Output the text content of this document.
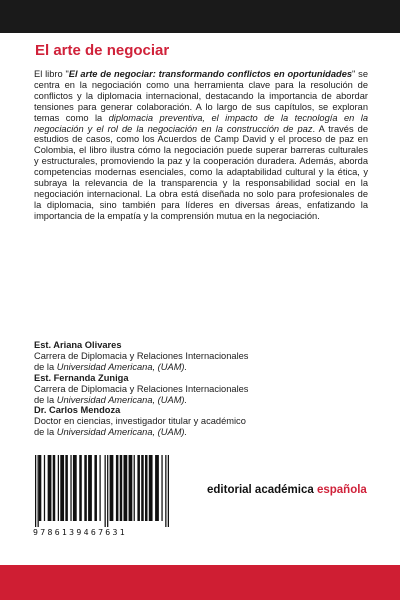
El arte de negociar

El libro "El arte de negociar: transformando conflictos en oportunidades" se centra en la negociación como una herramienta clave para la resolución de conflictos y la diplomacia internacional, destacando la importancia de abordar tensiones para generar colaboración. A lo largo de sus capítulos, se exploran temas como la diplomacia preventiva, el impacto de la tecnología en la negociación y el rol de la negociación en la construcción de paz. A través de estudios de casos, como los Acuerdos de Camp David y el proceso de paz en Colombia, el libro ilustra cómo la negociación puede superar barreras culturales y estructurales, promoviendo la paz y la cooperación duradera. Además, aborda competencias modernas esenciales, como la adaptabilidad cultural y la ética, y subraya la relevancia de la transparencia y la responsabilidad social en la negociación internacional. La obra está diseñada no solo para profesionales de la diplomacia, sino también para líderes en diversas áreas, enfatizando la importancia de la empatía y la comprensión mutua en la negociación.

Est. Ariana Olivares
Carrera de Diplomacia y Relaciones Internacionales
de la Universidad Americana, (UAM).
Est. Fernanda Zuniga
Carrera de Diplomacia y Relaciones Internacionales
de la Universidad Americana, (UAM).
Dr. Carlos Mendoza
Doctor en ciencias, investigador titular y académico
de la Universidad Americana, (UAM).
9786139467631
editorial académica española
